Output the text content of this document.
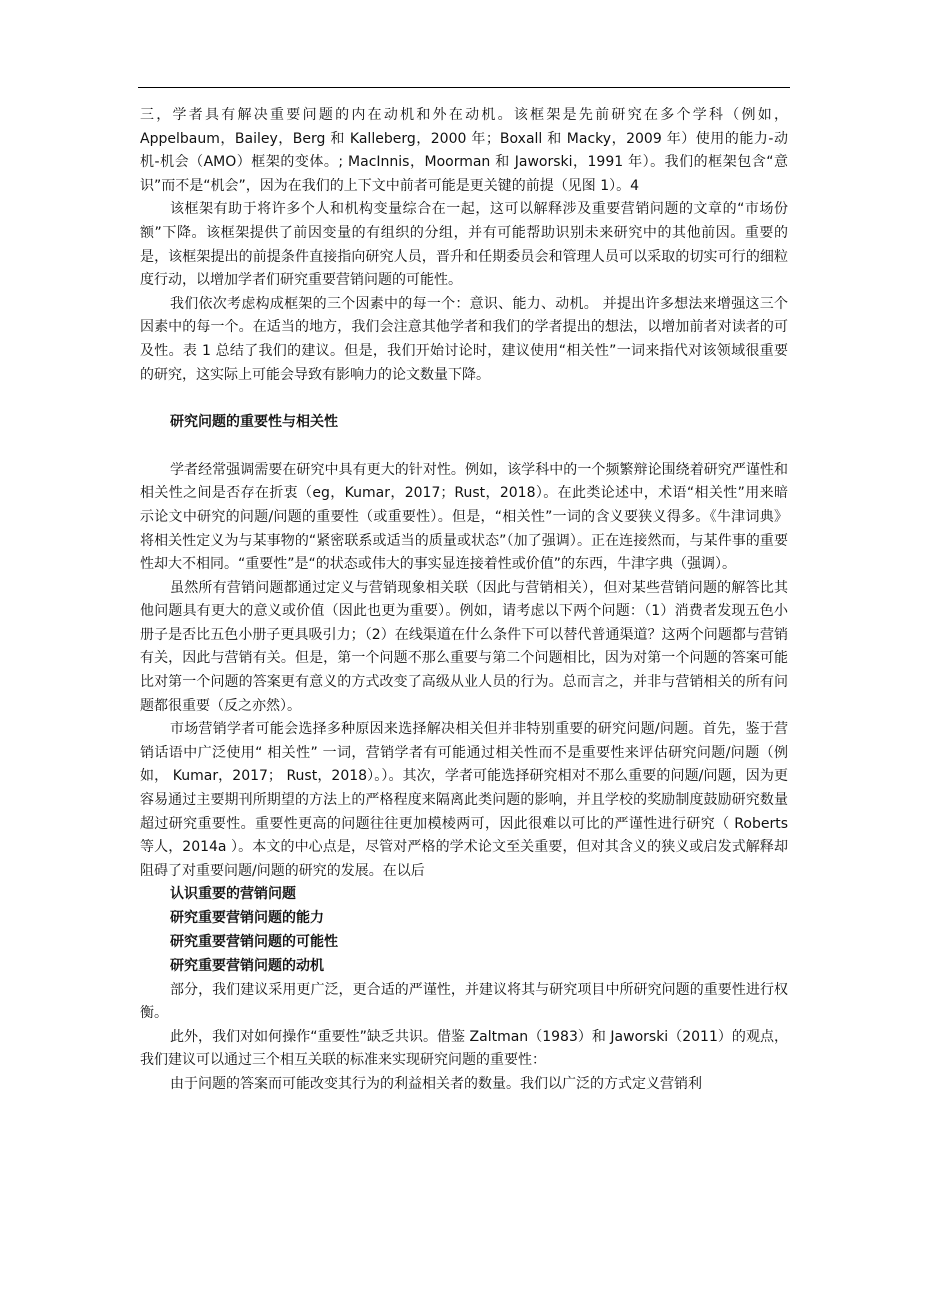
三，学者具有解决重要问题的内在动机和外在动机。该框架是先前研究在多个学科（例如，Appelbaum，Bailey，Berg 和 Kalleberg，2000 年；Boxall 和 Macky，2009 年）使用的能力-动机-机会（AMO）框架的变体。; MacInnis，Moorman 和 Jaworski，1991 年）。我们的框架包含“意识”而不是“机会”，因为在我们的上下文中前者可能是更关键的前提（见图 1）。4

该框架有助于将许多个人和机构变量综合在一起，这可以解释涉及重要营销问题的文章的“市场份额”下降。该框架提供了前因变量的有组织的分组，并有可能帮助识别未来研究中的其他前因。重要的是，该框架提出的前提条件直接指向研究人员，晋升和任期委员会和管理人员可以采取的切实可行的细粒度行动，以增加学者们研究重要营销问题的可能性。

我们依次考虑构成框架的三个因素中的每一个：意识、能力、动机。 并提出许多想法来增强这三个因素中的每一个。在适当的地方，我们会注意其他学者和我们的学者提出的想法，以增加前者对读者的可及性。表 1 总结了我们的建议。但是，我们开始讨论时，建议使用“相关性”一词来指代对该领域很重要的研究，这实际上可能会导致有影响力的论文数量下降。

研究问题的重要性与相关性

学者经常强调需要在研究中具有更大的针对性。例如，该学科中的一个频繁辩论围绕着研究严谨性和相关性之间是否存在折衷（eg，Kumar，2017；Rust，2018）。在此类论述中，术语“相关性”用来暗示论文中研究的问题/问题的重要性（或重要性）。但是，“相关性”一词的含义要狭义得多。《牛津词典》将相关性定义为与某事物的“紧密联系或适当的质量或状态”（加了强调）。正在连接然而，与某件事的重要性却大不相同。“重要性”是“的状态或伟大的事实显连接着性或价值”的东西，牛津字典（强调）。

虽然所有营销问题都通过定义与营销现象相关联（因此与营销相关），但对某些营销问题的解答比其他问题具有更大的意义或价值（因此也更为重要）。例如，请考虑以下两个问题：（1）消费者发现五色小册子是否比五色小册子更具吸引力；（2）在线渠道在什么条件下可以替代普通渠道？这两个问题都与营销有关，因此与营销有关。但是，第一个问题不那么重要与第二个问题相比，因为对第一个问题的答案可能比对第一个问题的答案更有意义的方式改变了高级从业人员的行为。总而言之，并非与营销相关的所有问题都很重要（反之亦然）。

市场营销学者可能会选择多种原因来选择解决相关但并非特别重要的研究问题/问题。首先，鉴于营销话语中广泛使用“ 相关性” 一词，营销学者有可能通过相关性而不是重要性来评估研究问题/问题（例如， Kumar，2017； Rust，2018）。）。其次，学者可能选择研究相对不那么重要的问题/问题，因为更容易通过主要期刊所期望的方法上的严格程度来隔离此类问题的影响，并且学校的奖励制度鼓励研究数量超过研究重要性。重要性更高的问题往往更加模棱两可，因此很难以可比的严谨性进行研究（ Roberts 等人，2014a ）。本文的中心点是，尽管对严格的学术论文至关重要，但对其含义的狭义或启发式解释却阻碍了对重要问题/问题的研究的发展。在以后

认识重要的营销问题

研究重要营销问题的能力

研究重要营销问题的可能性

研究重要营销问题的动机

部分，我们建议采用更广泛，更合适的严谨性，并建议将其与研究项目中所研究问题的重要性进行权衡。

此外，我们对如何操作“重要性”缺乏共识。借鉴 Zaltman（1983）和 Jaworski（2011）的观点，我们建议可以通过三个相互关联的标准来实现研究问题的重要性：

由于问题的答案而可能改变其行为的利益相关者的数量。我们以广泛的方式定义营销利
